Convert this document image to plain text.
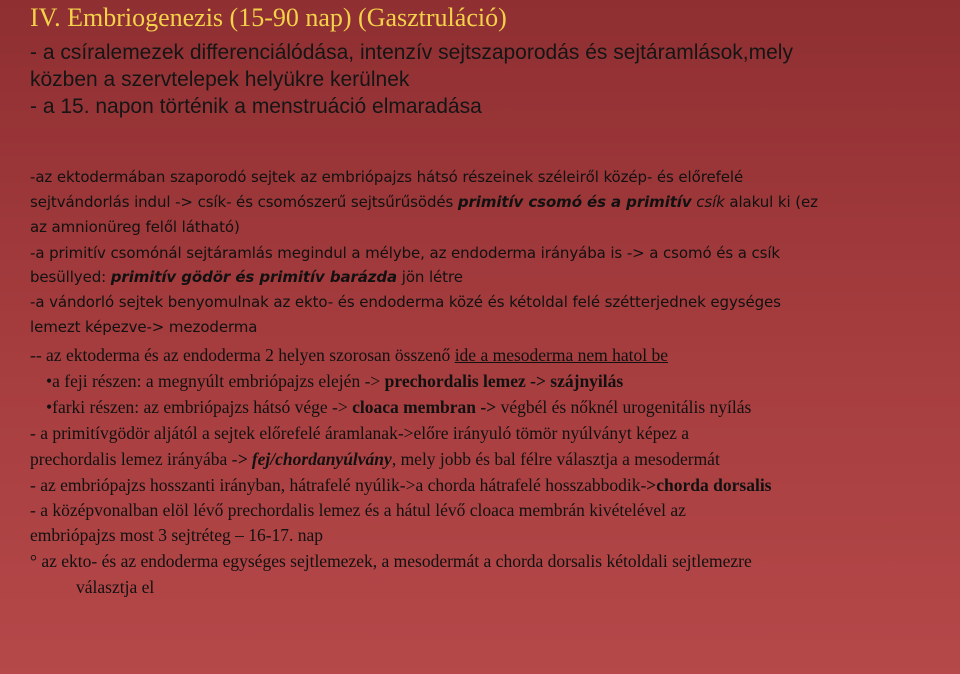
IV. Embriogenezis (15-90 nap) (Gasztruláció)
- a csíralemezek differenciálódása, intenzív sejtszaporodás és sejtáramlások,mely
közben a szervtelepek helyükre kerülnek
- a 15. napon történik a menstruáció elmaradása
-az ektodermában szaporodó sejtek az embriópajzs hátsó részeinek széleiről közép- és előrefelé
sejtvándorlás indul -> csík- és csomószerű sejtsűrűsödés primitív csomó és a primitív csík alakul ki (ez
az amnionüreg felől látható)
-a primitív csomónál sejtáramlás megindul a mélybe, az endoderma irányába is -> a csomó és a csík
besüllyed: primitív gödör és primitív barázda jön létre
-a vándorló sejtek benyomulnak az ekto- és endoderma közé és kétoldal felé szétterjednek egységes
lemezt képezve-> mezoderma
-- az ektoderma és az endoderma 2 helyen szorosan összenő ide a mesoderma nem hatol be
•a feji részen: a megnyúlt embriópajzs elején -> prechordalis lemez -> szájnyilás
•farki részen: az embriópajzs hátsó vége -> cloaca membran -> végbél és nőknél urogenitális nyílás
- a primitívgödör aljától a sejtek előrefelé áramlanak->előre irányuló tömör nyúlványt képez a
prechordalis lemez irányába -> fej/chordanyúlvány, mely jobb és bal félre választja a mesodermát
- az embriópajzs hosszanti irányban, hátrafelé nyúlik->a chorda hátrafelé hosszabbodik->chorda dorsalis
- a középvonalban elöl lévő prechordalis lemez és a hátul lévő cloaca membrán kivételével az
embriópajzs most 3 sejtréteg – 16-17. nap
° az ekto- és az endoderma egységes sejtlemezek, a mesodermát a chorda dorsalis kétoldali sejtlemezre
választja el
